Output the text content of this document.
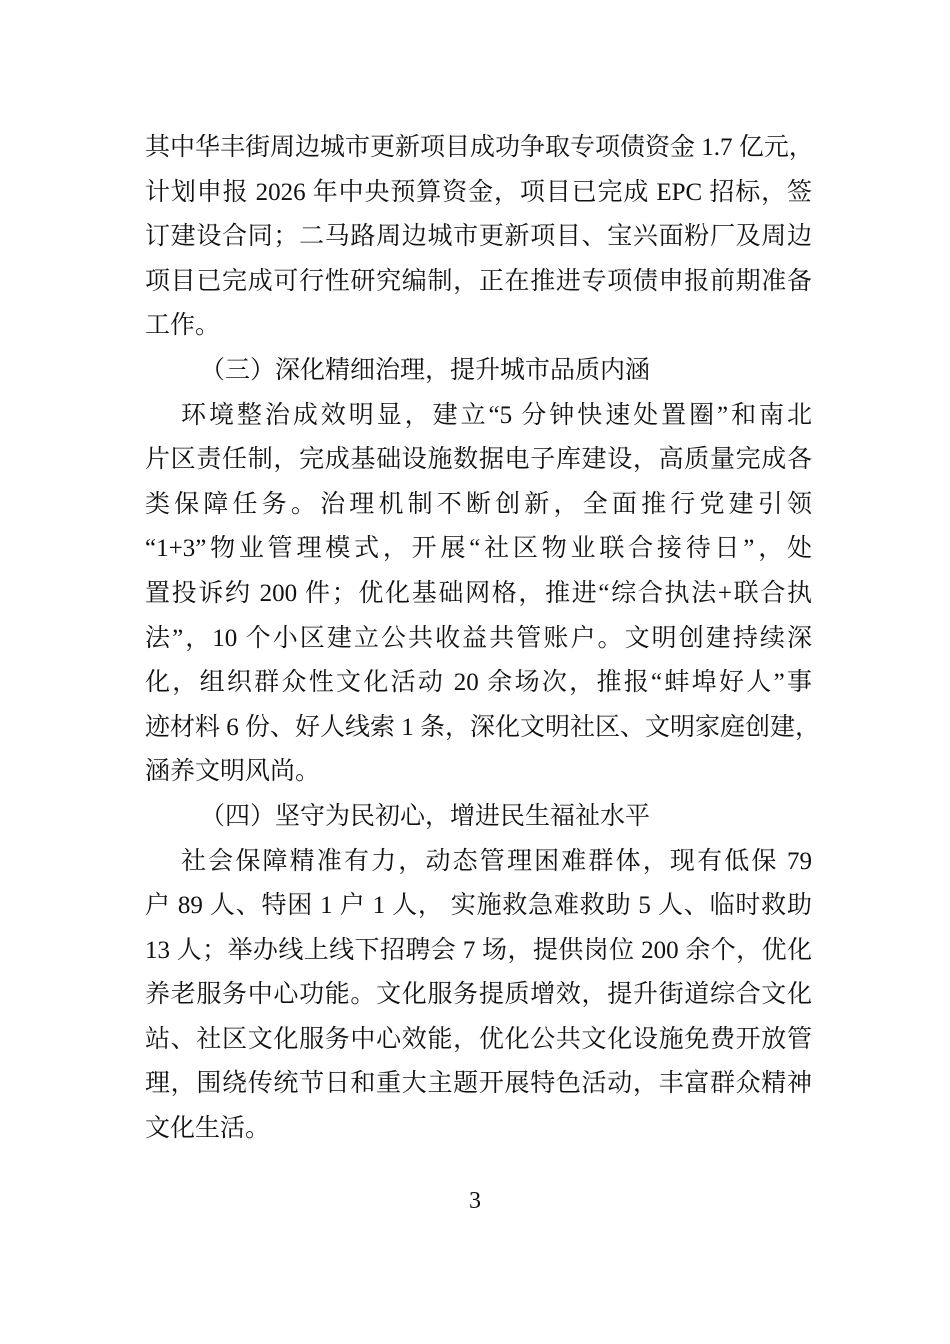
其中华丰街周边城市更新项目成功争取专项债资金 1.7 亿元，
计划申报 2026 年中央预算资金，项目已完成 EPC 招标，签
订建设合同；二马路周边城市更新项目、宝兴面粉厂及周边
项目已完成可行性研究编制，正在推进专项债申报前期准备
工作。
（三）深化精细治理，提升城市品质内涵
环境整治成效明显，建立“5 分钟快速处置圈”和南北
片区责任制，完成基础设施数据电子库建设，高质量完成各
类保障任务。治理机制不断创新，全面推行党建引领
“1+3”物业管理模式，开展“社区物业联合接待日”，处
置投诉约 200 件；优化基础网格，推进“综合执法+联合执
法”，10 个小区建立公共收益共管账户。文明创建持续深
化，组织群众性文化活动 20 余场次，推报“蚌埠好人”事
迹材料 6 份、好人线索 1 条，深化文明社区、文明家庭创建，
涵养文明风尚。
（四）坚守为民初心，增进民生福祉水平
社会保障精准有力，动态管理困难群体，现有低保 79
户 89 人、特困 1 户 1 人， 实施救急难救助 5 人、临时救助
13 人；举办线上线下招聘会 7 场，提供岗位 200 余个，优化
养老服务中心功能。文化服务提质增效，提升街道综合文化
站、社区文化服务中心效能，优化公共文化设施免费开放管
理，围绕传统节日和重大主题开展特色活动，丰富群众精神
文化生活。
3
